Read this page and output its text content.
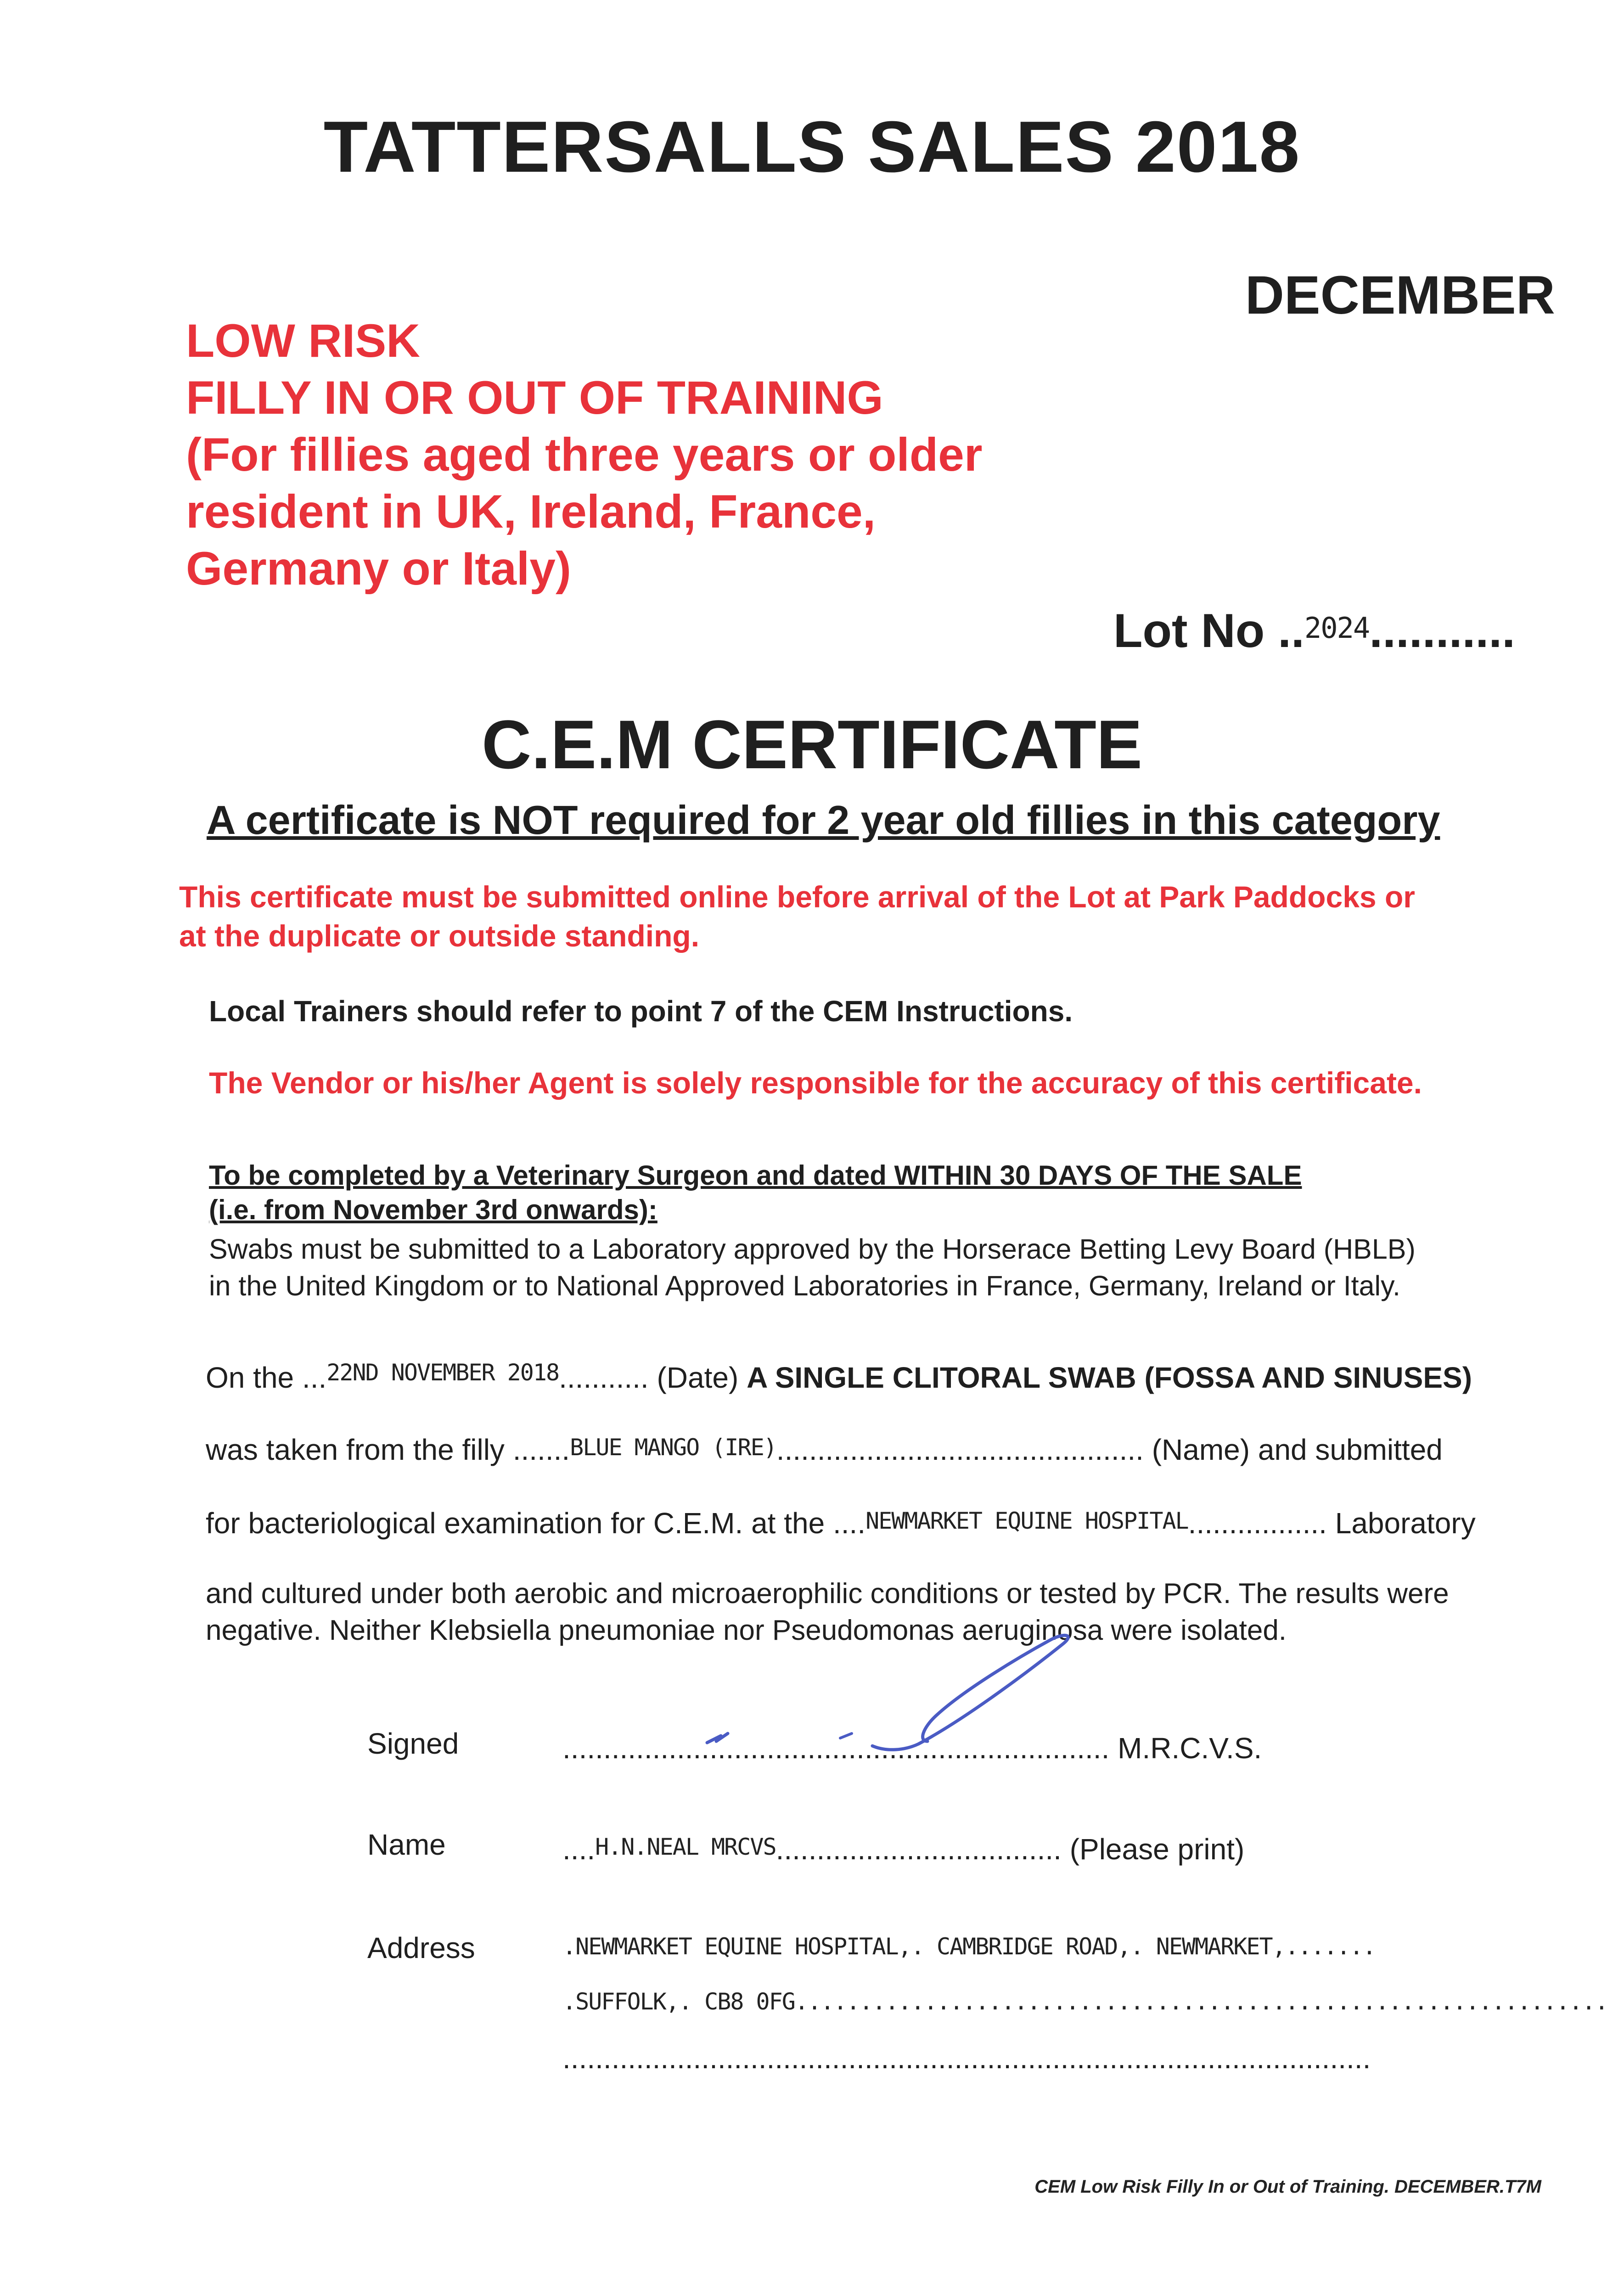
TATTERSALLS SALES 2018
DECEMBER
LOW RISK
FILLY IN OR OUT OF TRAINING
(For fillies aged three years or older
resident in UK, Ireland, France,
Germany or Italy)
Lot No ..2024...........
C.E.M CERTIFICATE
A certificate is NOT required for 2 year old fillies in this category
This certificate must be submitted online before arrival of the Lot at Park Paddocks or
at the duplicate or outside standing.
Local Trainers should refer to point 7 of the CEM Instructions.
The Vendor or his/her Agent is solely responsible for the accuracy of this certificate.
To be completed by a Veterinary Surgeon and dated WITHIN 30 DAYS OF THE SALE
(i.e. from November 3rd onwards):
Swabs must be submitted to a Laboratory approved by the Horserace Betting Levy Board (HBLB)
in the United Kingdom or to National Approved Laboratories in France, Germany, Ireland or Italy.
On the ...$^{22ND NOVEMBER 2018}$........... (Date) A SINGLE CLITORAL SWAB (FOSSA AND SINUSES)
was taken from the filly .......BLUE MANGO (IRE)............................................. (Name) and submitted
for bacteriological examination for C.E.M. at the ....NEWMARKET EQUINE HOSPITAL................. Laboratory
and cultured under both aerobic and microaerophilic conditions or tested by PCR. The results were
negative. Neither Klebsiella pneumoniae nor Pseudomonas aeruginosa were isolated.
Signed	................................................................... M.R.C.V.S.
Name	....H.N.NEAL MRCVS................................... (Please print)
Address	.NEWMARKET EQUINE HOSPITAL,. CAMBRIDGE ROAD,. NEWMARKET,.......
.SUFFOLK,. CB8 0FG...............................................................
...................................................................................................
CEM Low Risk Filly In or Out of Training. DECEMBER.T7M
